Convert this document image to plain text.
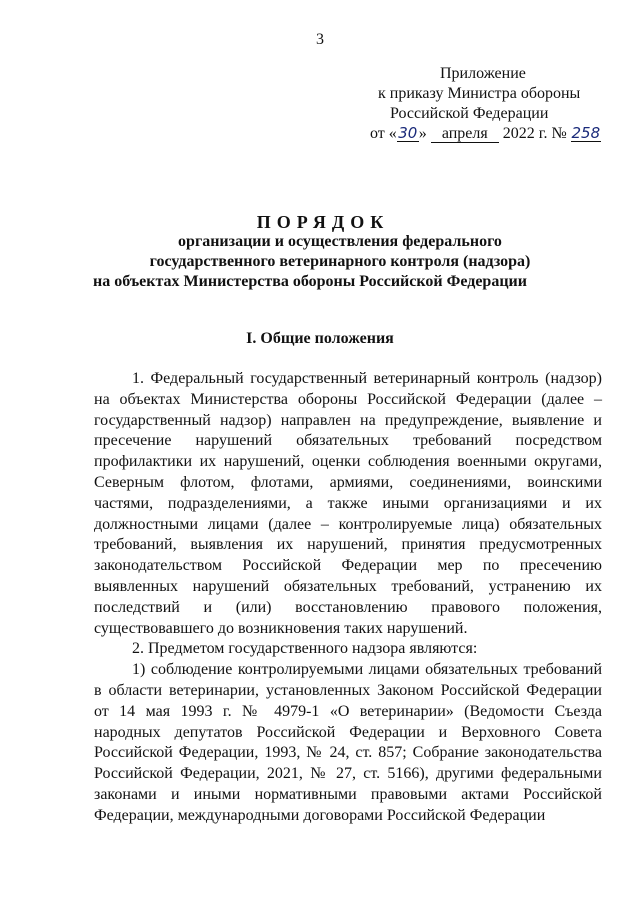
3
Приложение
к приказу Министра обороны
Российской Федерации
от «30» апреля 2022 г. № 258
ПОРЯДОК
организации и осуществления федерального
государственного ветеринарного контроля (надзора)
на объектах Министерства обороны Российской Федерации
I. Общие положения

1. Федеральный государственный ветеринарный контроль (надзор) на объектах Министерства обороны Российской Федерации (далее – государственный надзор) направлен на предупреждение, выявление и пресечение нарушений обязательных требований посредством профилактики их нарушений, оценки соблюдения военными округами, Северным флотом, флотами, армиями, соединениями, воинскими частями, подразделениями, а также иными организациями и их должностными лицами (далее – контролируемые лица) обязательных требований, выявления их нарушений, принятия предусмотренных законодательством Российской Федерации мер по пресечению выявленных нарушений обязательных требований, устранению их последствий и (или) восстановлению правового положения, существовавшего до возникновения таких нарушений.

2. Предметом государственного надзора являются:

1) соблюдение контролируемыми лицами обязательных требований в области ветеринарии, установленных Законом Российской Федерации от 14 мая 1993 г. № 4979-1 «О ветеринарии» (Ведомости Съезда народных депутатов Российской Федерации и Верховного Совета Российской Федерации, 1993, № 24, ст. 857; Собрание законодательства Российской Федерации, 2021, № 27, ст. 5166), другими федеральными законами и иными нормативными правовыми актами Российской Федерации, международными договорами Российской Федерации
